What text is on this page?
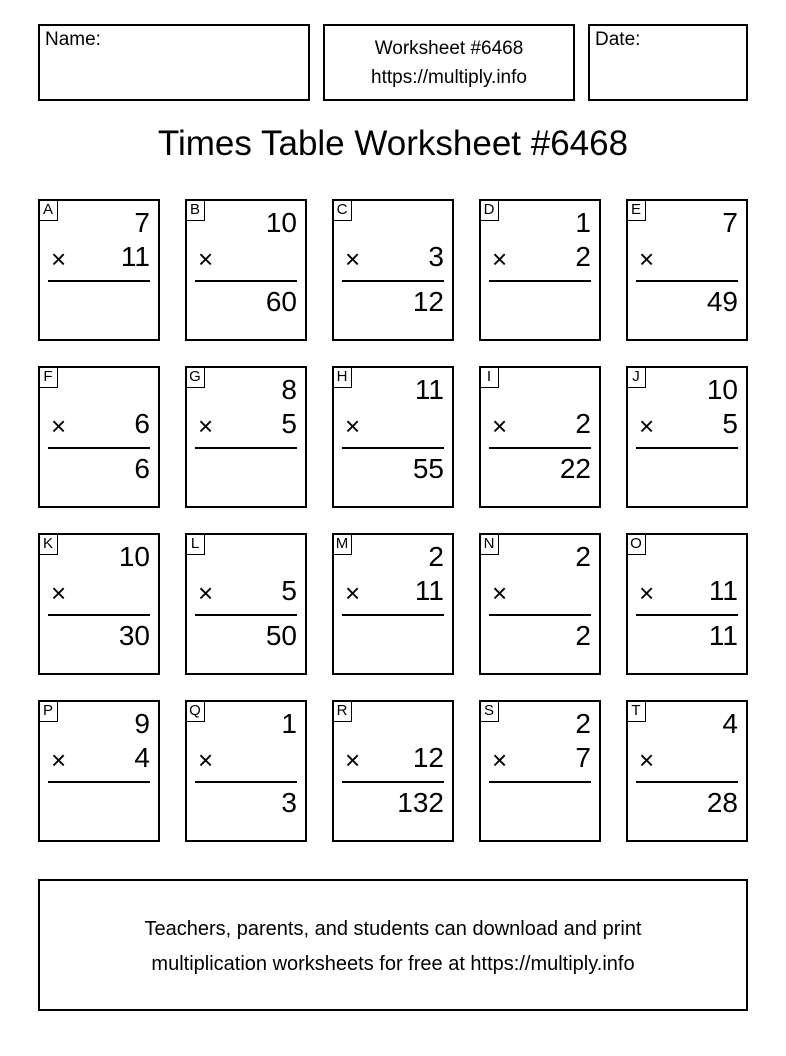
Name:	Worksheet #6468
https://multiply.info
Date:
Times Table Worksheet #6468
A	7
× 11
B 10
×
60
C
× 3
12
D	1
× 2
E	7
×
49
F
× 6
6
G	8
× 5
H 11
×
55
I
× 2
22
J 10
× 5
K 10
×
30
L
× 5
50
M	2
× 11
N	2
×
2
O
× 11
11
P	9
× 4
Q	1
×
3
R
× 12
132
S	2
× 7
T	4
×
28
Teachers, parents, and students can download and print
multiplication worksheets for free at https://multiply.info
